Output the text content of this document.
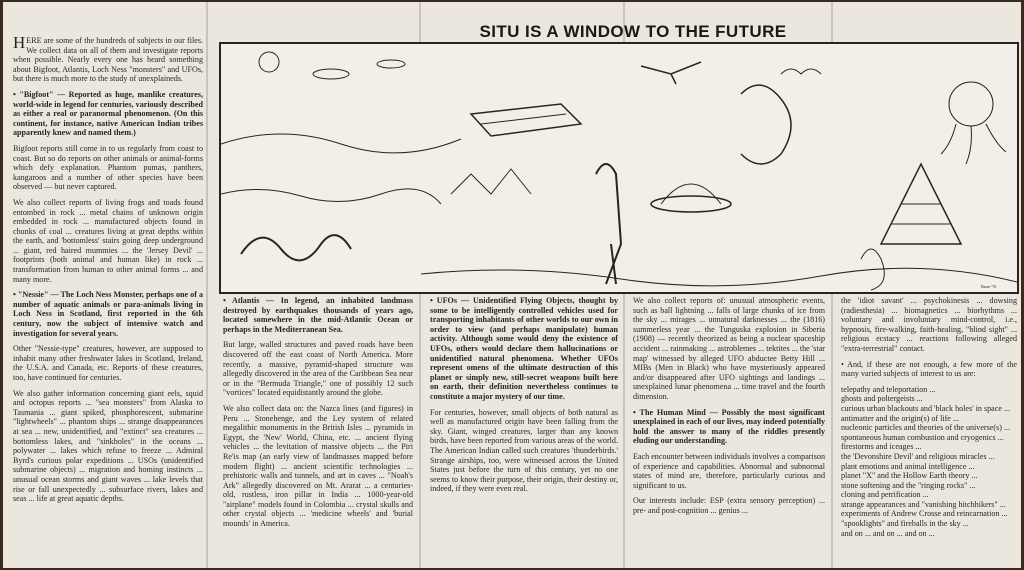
SITU IS A WINDOW TO THE FUTURE

HERE are some of the hundreds of subjects in our files. We collect data on all of them and investigate reports when possible. Nearly every one has heard something about Bigfoot, Atlantis, Loch Ness "monsters" and UFOs, but there is much more to the study of unexplaineds.

• "Bigfoot" — Reported as huge, manlike creatures, world-wide in legend for centuries, variously described as either a real or paranormal phenomenon. (On this continent, for instance, native American Indian tribes apparently knew and named them.)

Bigfoot reports still come in to us regularly from coast to coast. But so do reports on other animals or animal-forms which defy explanation. Phantom pumas, panthers, kangaroos and a number of other species have been observed — but never captured.

We also collect reports of living frogs and toads found entombed in rock ... metal chains of unknown origin embedded in rock ... manufactured objects found in chunks of coal ... creatures living at great depths within the earth, and 'bottomless' stairs going deep underground ... giant, red haired mummies ... the 'Jersey Devil' ... footprints (both animal and human like) in rock ... transformation from human to other animal forms ... and many more.

• "Nessie" — The Loch Ness Monster, perhaps one of a number of aquatic animals or para-animals living in Loch Ness in Scotland, first reported in the 6th century, now the subject of intensive watch and investigation for several years.

Other "Nessie-type" creatures, however, are supposed to inhabit many other freshwater lakes in Scotland, Ireland, the U.S.A. and Canada, etc. Reports of these creatures, too, have continued for centuries.

We also gather information concerning giant eels, squid and octopus reports ... "sea monsters" from Alaska to Tasmania ... giant spiked, phosphorescent, submarine "lightwheels" ... phantom ships ... strange disappearances at sea ... new, unidentified, and "extinct" sea creatures ... bottomless lakes, and "sinkholes" in the oceans ... polywater ... lakes which refuse to freeze ... Admiral Byrd's curious polar expeditions ... USOs (unidentified submarine objects) ... migration and homing instincts ... unusual ocean storms and giant waves ... lake levels that rise or fall unexpectedly ... subsurface rivers, lakes and seas ... life at great aquatic depths.

Bauer '76

• Atlantis — In legend, an inhabited landmass destroyed by earthquakes thousands of years ago, located somewhere in the mid-Atlantic Ocean or perhaps in the Mediterranean Sea.

But large, walled structures and paved roads have been discovered off the east coast of North America. More recently, a massive, pyramid-shaped structure was allegedly discovered in the area of the Caribbean Sea near or in the "Bermuda Triangle," one of possibly 12 such "vortices" located equidistantly around the globe.

We also collect data on: the Nazca lines (and figures) in Peru ... Stonehenge, and the Ley system of related megalithic monuments in the British Isles ... pyramids in Egypt, the 'New' World, China, etc. ... ancient flying vehicles ... the levitation of massive objects ... the Piri Re'is map (an early view of landmasses mapped before modern flight) ... ancient scientific technologies ... prehistoric walls and tunnels, and art in caves ... "Noah's Ark" allegedly discovered on Mt. Ararat ... a centuries-old, rustless, iron pillar in India ... 1000-year-old "airplane" models found in Colombia ... crystal skulls and other crystal objects ... 'medicine wheels' and 'burial mounds' in America.

• UFOs — Unidentified Flying Objects, thought by some to be intelligently controlled vehicles used for transporting inhabitants of other worlds to our own in order to view (and perhaps manipulate) human activity. Although some would deny the existence of UFOs, others would declare them hallucinations or unidentified natural phenomena. Whether UFOs represent omens of the ultimate destruction of this planet or simply new, still-secret weapons built here on earth, their definition nevertheless continues to constitute a major mystery of our time.

For centuries, however, small objects of both natural as well as manufactured origin have been falling from the sky. Giant, winged creatures, larger than any known birds, have been reported from various areas of the world. The American Indian called such creatures 'thunderbirds.' Strange airships, too, were witnessed across the United States just before the turn of this century, yet no one seems to know their purpose, their origin, their destiny or, indeed, if they were even real.

We also collect reports of: unusual atmospheric events, such as ball lightning ... falls of large chunks of ice from the sky ... mirages ... unnatural darknesses ... the (1816) summerless year ... the Tunguska explosion in Siberia (1908) — recently theorized as being a nuclear spaceship accident ... rainmaking ... astroblemes ... tektites ... the 'star map' witnessed by alleged UFO abductee Betty Hill ... MIBs (Men in Black) who have mysteriously appeared and/or disappeared after UFO sightings and landings ... unexplained lunar phenomena ... time travel and the fourth dimension.

• The Human Mind — Possibly the most significant unexplained in each of our lives, may indeed potentially hold the answer to many of the riddles presently eluding our understanding.

Each encounter between individuals involves a comparison of experience and capabilities. Abnormal and subnormal states of mind are, therefore, particularly curious and significant to us.

Our interests include: ESP (extra sensory perception) ... pre- and post-cognition ... genius ...

the 'idiot savant' ... psychokinesis ... dowsing (radiesthesia) ... biomagnetics ... biorhythms ... voluntary and involuntary mind-control, i.e., hypnosis, fire-walking, faith-healing, "blind sight" ... religious ecstacy ... reactions following alleged "extra-terrestrial" contact.

• And, if these are not enough, a few more of the many varied subjects of interest to us are:

telepathy and teleportation ...
ghosts and poltergeists ...
curious urban blackouts and 'black holes' in space ...
antimatter and the origin(s) of life ...
nucleonic particles and theories of the universe(s) ...
spontaneous human combustion and cryogenics ...
firestorms and iceages ...
the 'Devonshire Devil' and religious miracles ...
plant emotions and animal intelligence ...
planet "X" and the Hollow Earth theory ...
stone softening and the "ringing rocks" ...
cloning and petrification ...
strange appearances and "vanishing hitchhikers" ...
experiments of Andrew Crosse and reincarnation ...
"spooklights" and fireballs in the sky ...
and on ... and on ... and on ...
